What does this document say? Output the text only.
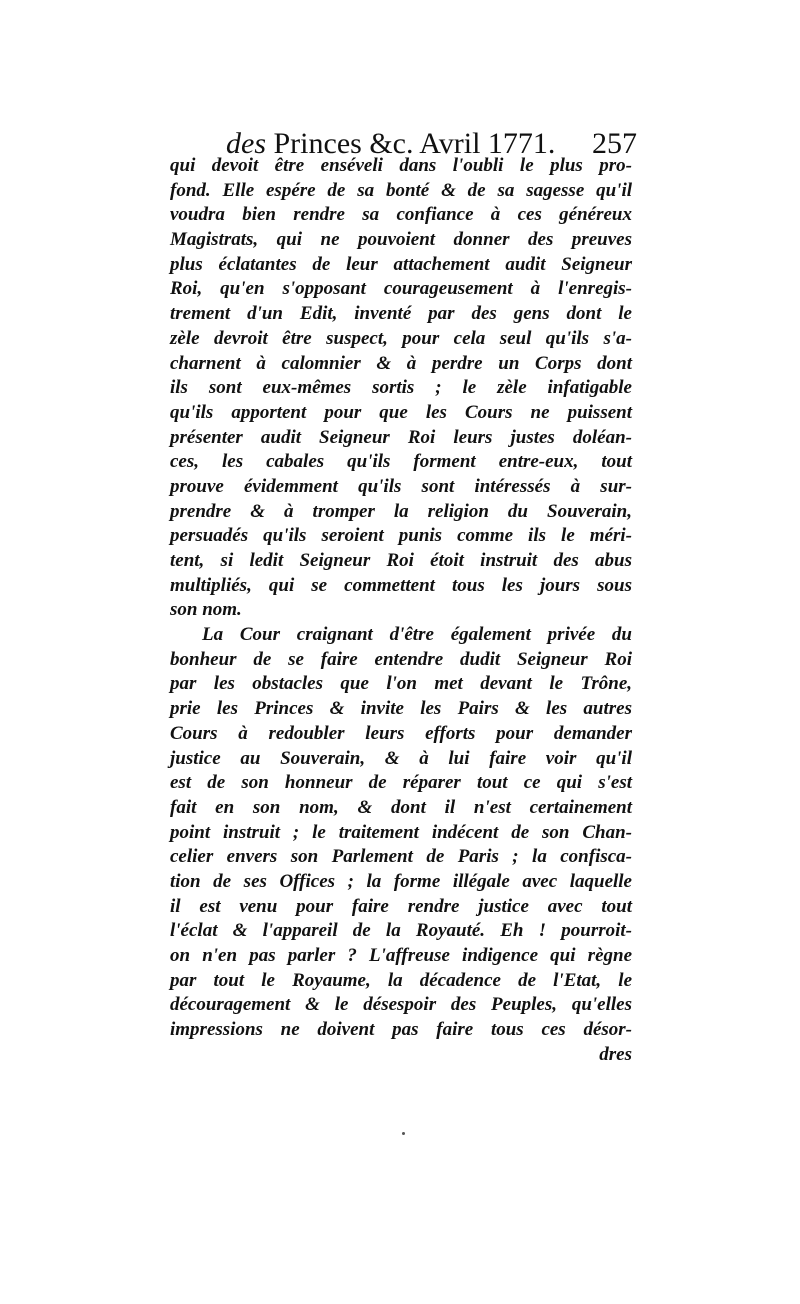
des Princes &c. Avril 1771. 257
qui devoit être enséveli dans l'oubli le plus pro-
fond. Elle espére de sa bonté & de sa sagesse qu'il
voudra bien rendre sa confiance à ces généreux
Magistrats, qui ne pouvoient donner des preuves
plus éclatantes de leur attachement audit Seigneur
Roi, qu'en s'opposant courageusement à l'enregis-
trement d'un Edit, inventé par des gens dont le
zèle devroit être suspect, pour cela seul qu'ils s'a-
charnent à calomnier & à perdre un Corps dont
ils sont eux-mêmes sortis ; le zèle infatigable
qu'ils apportent pour que les Cours ne puissent
présenter audit Seigneur Roi leurs justes doléan-
ces, les cabales qu'ils forment entre-eux, tout
prouve évidemment qu'ils sont intéressés à sur-
prendre & à tromper la religion du Souverain,
persuadés qu'ils seroient punis comme ils le méri-
tent, si ledit Seigneur Roi étoit instruit des abus
multipliés, qui se commettent tous les jours sous
son nom.
La Cour craignant d'être également privée du
bonheur de se faire entendre dudit Seigneur Roi
par les obstacles que l'on met devant le Trône,
prie les Princes & invite les Pairs & les autres
Cours à redoubler leurs efforts pour demander
justice au Souverain, & à lui faire voir qu'il
est de son honneur de réparer tout ce qui s'est
fait en son nom, & dont il n'est certainement
point instruit ; le traitement indécent de son Chan-
celier envers son Parlement de Paris ; la confisca-
tion de ses Offices ; la forme illégale avec laquelle
il est venu pour faire rendre justice avec tout
l'éclat & l'appareil de la Royauté. Eh ! pourroit-
on n'en pas parler ? L'affreuse indigence qui règne
par tout le Royaume, la décadence de l'Etat, le
découragement & le désespoir des Peuples, qu'elles
impressions ne doivent pas faire tous ces désor-
dres
